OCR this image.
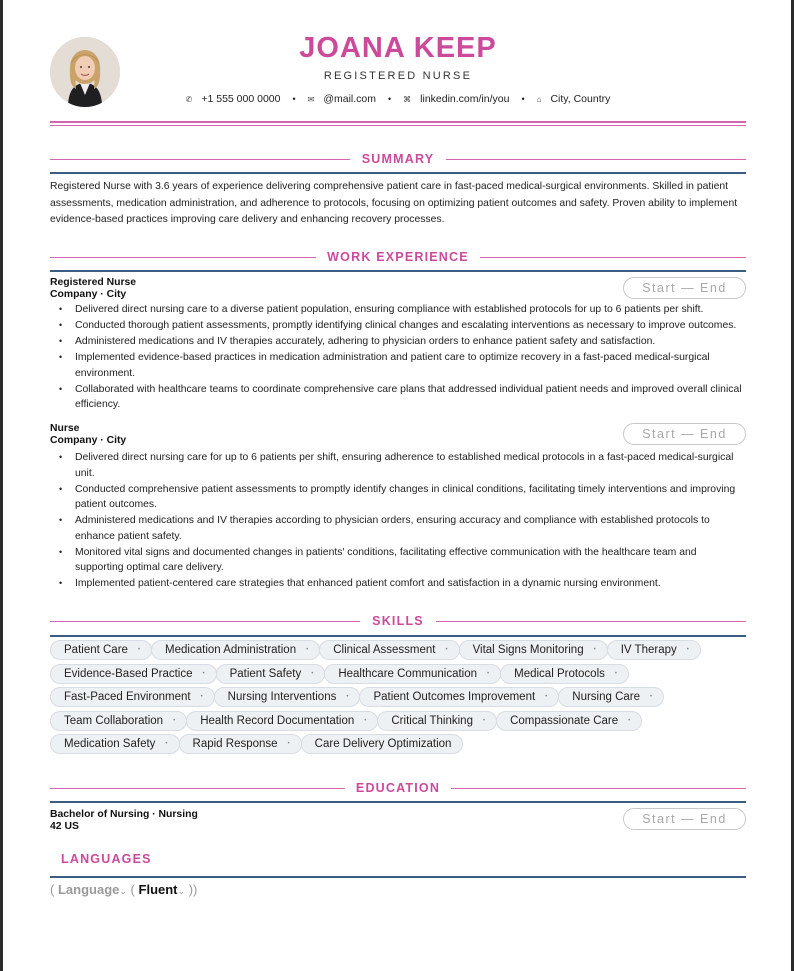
JOANA KEEP
REGISTERED NURSE
✆ +1 555 000 0000 • ✉ @mail.com • ⌘ linkedin.com/in/you • ⌂ City, Country
SUMMARY
Registered Nurse with 3.6 years of experience delivering comprehensive patient care in fast-paced medical-surgical environments. Skilled in patient assessments, medication administration, and adherence to protocols, focusing on optimizing patient outcomes and safety. Proven ability to implement evidence-based practices improving care delivery and enhancing recovery processes.
WORK EXPERIENCE
Registered Nurse
Company · City	Start — End
• Delivered direct nursing care to a diverse patient population, ensuring compliance with established protocols for up to 6 patients per shift.
• Conducted thorough patient assessments, promptly identifying clinical changes and escalating interventions as necessary to improve outcomes.
• Administered medications and IV therapies accurately, adhering to physician orders to enhance patient safety and satisfaction.
• Implemented evidence-based practices in medication administration and patient care to optimize recovery in a fast-paced medical-surgical environment.
• Collaborated with healthcare teams to coordinate comprehensive care plans that addressed individual patient needs and improved overall clinical efficiency.
Nurse
Company · City	Start — End
• Delivered direct nursing care for up to 6 patients per shift, ensuring adherence to established medical protocols in a fast-paced medical-surgical unit.
• Conducted comprehensive patient assessments to promptly identify changes in clinical conditions, facilitating timely interventions and improving patient outcomes.
• Administered medications and IV therapies according to physician orders, ensuring accuracy and compliance with established protocols to enhance patient safety.
• Monitored vital signs and documented changes in patients' conditions, facilitating effective communication with the healthcare team and supporting optimal care delivery.
• Implemented patient-centered care strategies that enhanced patient comfort and satisfaction in a dynamic nursing environment.
SKILLS
Patient Care • Medication Administration • Clinical Assessment • Vital Signs Monitoring • IV Therapy •
Evidence-Based Practice • Patient Safety • Healthcare Communication • Medical Protocols •
Fast-Paced Environment • Nursing Interventions • Patient Outcomes Improvement • Nursing Care •
Team Collaboration • Health Record Documentation • Critical Thinking • Compassionate Care •
Medication Safety • Rapid Response • Care Delivery Optimization
EDUCATION
Bachelor of Nursing · Nursing
42 US
Start — End
LANGUAGES
( Language⌄ ( Fluent⌄ ))
